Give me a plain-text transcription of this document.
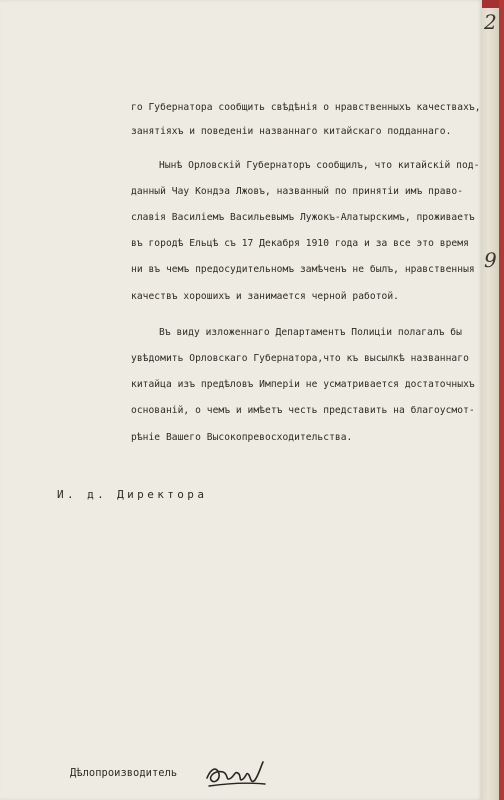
2
9
го Губернатора сообщить свѣдѣнія о нравственныхъ качествахъ,
занятіяхъ и поведеніи названнаго китайскаго подданнаго.
Нынѣ Орловскій Губернаторъ сообщилъ, что китайскій под-
данный Чау Кондэа Лжовъ, названный по принятіи имъ право-
славія Василіемъ Васильевымъ Лужокъ-Алатырскимъ, проживаетъ
въ городѣ Ельцѣ съ 17 Декабря 1910 года и за все это время
ни въ чемъ предосудительномъ замѣченъ не былъ, нравственныя
качествъ хорошихъ и занимается черной работой.
Въ виду изложеннаго Департаментъ Полиціи полагалъ бы
увѣдомить Орловскаго Губернатора,что къ высылкѣ названнаго
китайца изъ предѣловъ Имперіи не усматривается достаточныхъ
основаній, о чемъ и имѣетъ честь представить на благоусмот-
рѣніе Вашего Высокопревосходительства.
И. д. Директора
Дѣлопроизводитель
